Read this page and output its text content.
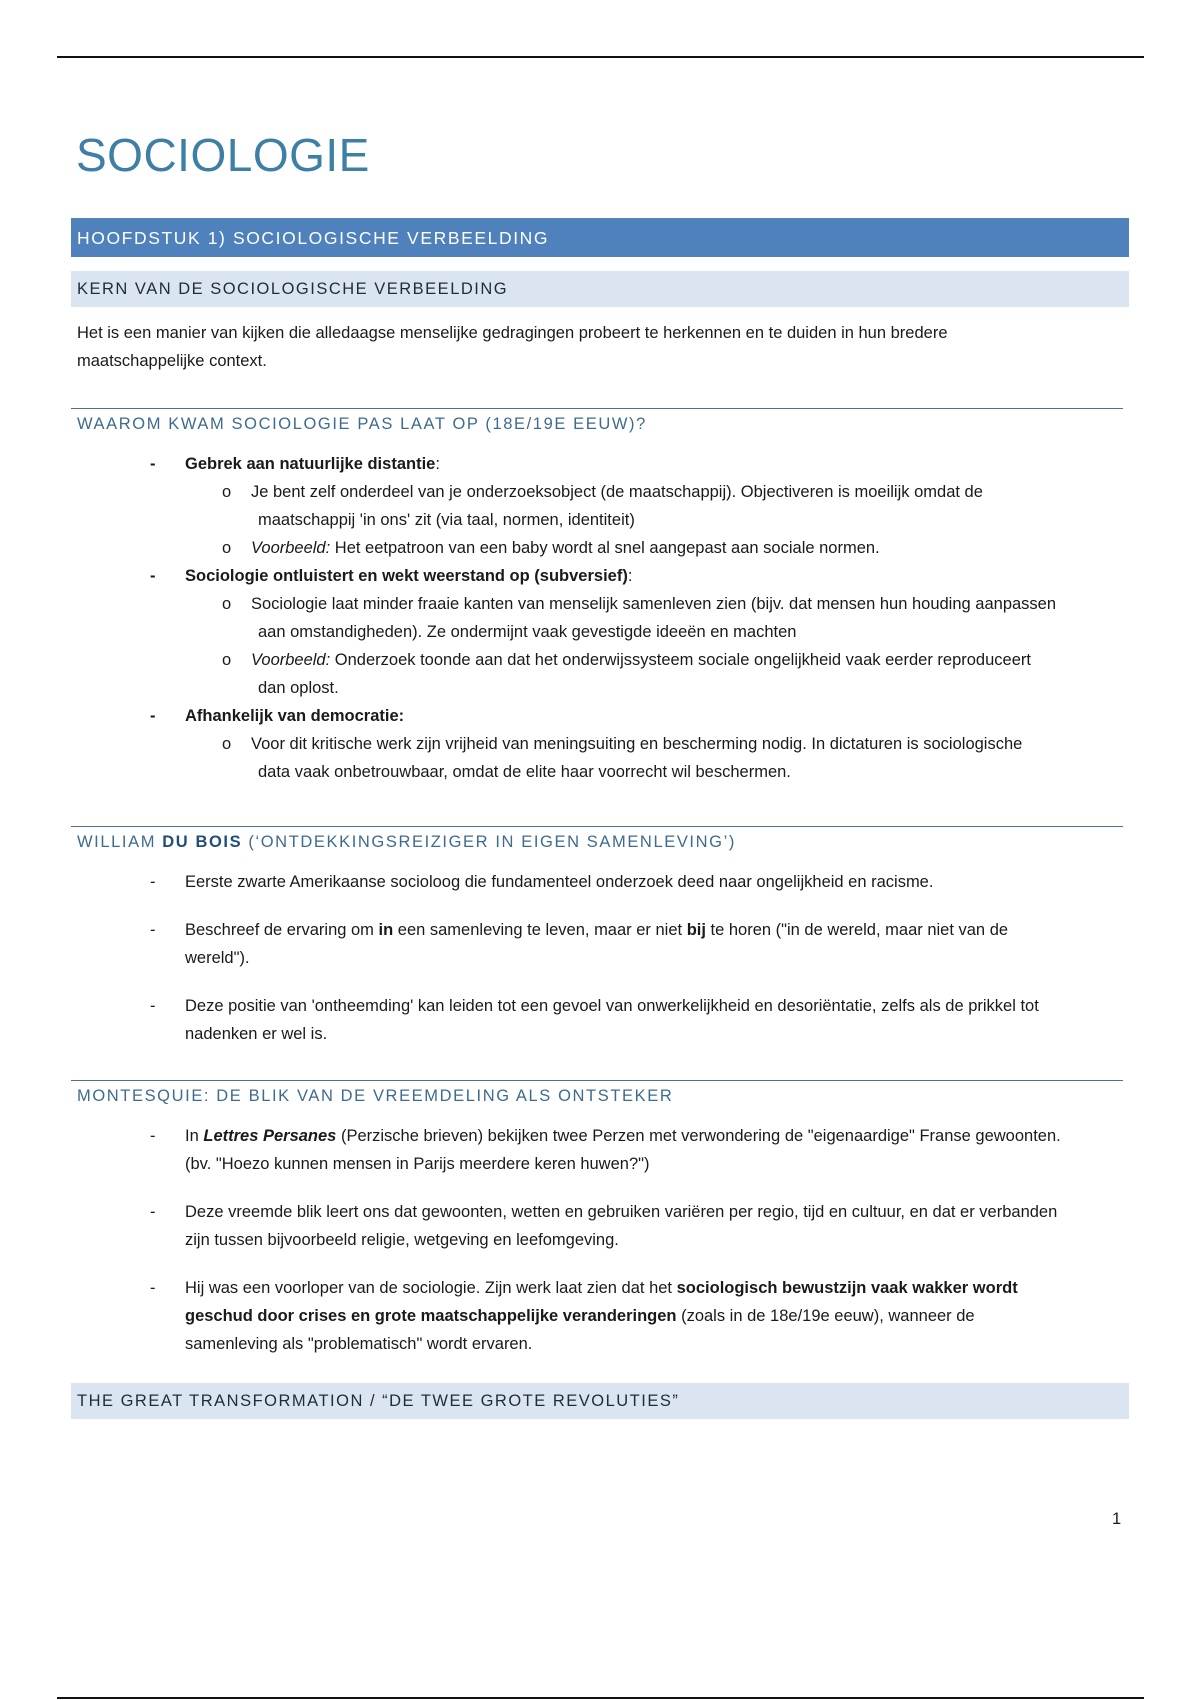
SOCIOLOGIE
HOOFDSTUK 1) SOCIOLOGISCHE VERBEELDING
KERN VAN DE SOCIOLOGISCHE VERBEELDING

Het is een manier van kijken die alledaagse menselijke gedragingen probeert te herkennen en te duiden in hun bredere maatschappelijke context.

WAAROM KWAM SOCIOLOGIE PAS LAAT OP (18E/19E EEUW)?
- Gebrek aan natuurlijke distantie:
o Je bent zelf onderdeel van je onderzoeksobject (de maatschappij). Objectiveren is moeilijk omdat de maatschappij 'in ons' zit (via taal, normen, identiteit)
o Voorbeeld: Het eetpatroon van een baby wordt al snel aangepast aan sociale normen.
- Sociologie ontluistert en wekt weerstand op (subversief):
o Sociologie laat minder fraaie kanten van menselijk samenleven zien (bijv. dat mensen hun houding aanpassen aan omstandigheden). Ze ondermijnt vaak gevestigde ideeën en machten
o Voorbeeld: Onderzoek toonde aan dat het onderwijssysteem sociale ongelijkheid vaak eerder reproduceert dan oplost.
- Afhankelijk van democratie:
o Voor dit kritische werk zijn vrijheid van meningsuiting en bescherming nodig. In dictaturen is sociologische data vaak onbetrouwbaar, omdat de elite haar voorrecht wil beschermen.
WILLIAM DU BOIS (‘ONTDEKKINGSREIZIGER IN EIGEN SAMENLEVING’)
- Eerste zwarte Amerikaanse socioloog die fundamenteel onderzoek deed naar ongelijkheid en racisme.
- Beschreef de ervaring om in een samenleving te leven, maar er niet bij te horen ("in de wereld, maar niet van de wereld").
- Deze positie van 'ontheemding' kan leiden tot een gevoel van onwerkelijkheid en desoriëntatie, zelfs als de prikkel tot nadenken er wel is.
MONTESQUIE: DE BLIK VAN DE VREEMDELING ALS ONTSTEKER
- In Lettres Persanes (Perzische brieven) bekijken twee Perzen met verwondering de "eigenaardige" Franse gewoonten. (bv. "Hoezo kunnen mensen in Parijs meerdere keren huwen?")
- Deze vreemde blik leert ons dat gewoonten, wetten en gebruiken variëren per regio, tijd en cultuur, en dat er verbanden zijn tussen bijvoorbeeld religie, wetgeving en leefomgeving.
- Hij was een voorloper van de sociologie. Zijn werk laat zien dat het sociologisch bewustzijn vaak wakker wordt geschud door crises en grote maatschappelijke veranderingen (zoals in de 18e/19e eeuw), wanneer de samenleving als "problematisch" wordt ervaren.
THE GREAT TRANSFORMATION / “DE TWEE GROTE REVOLUTIES”

1
